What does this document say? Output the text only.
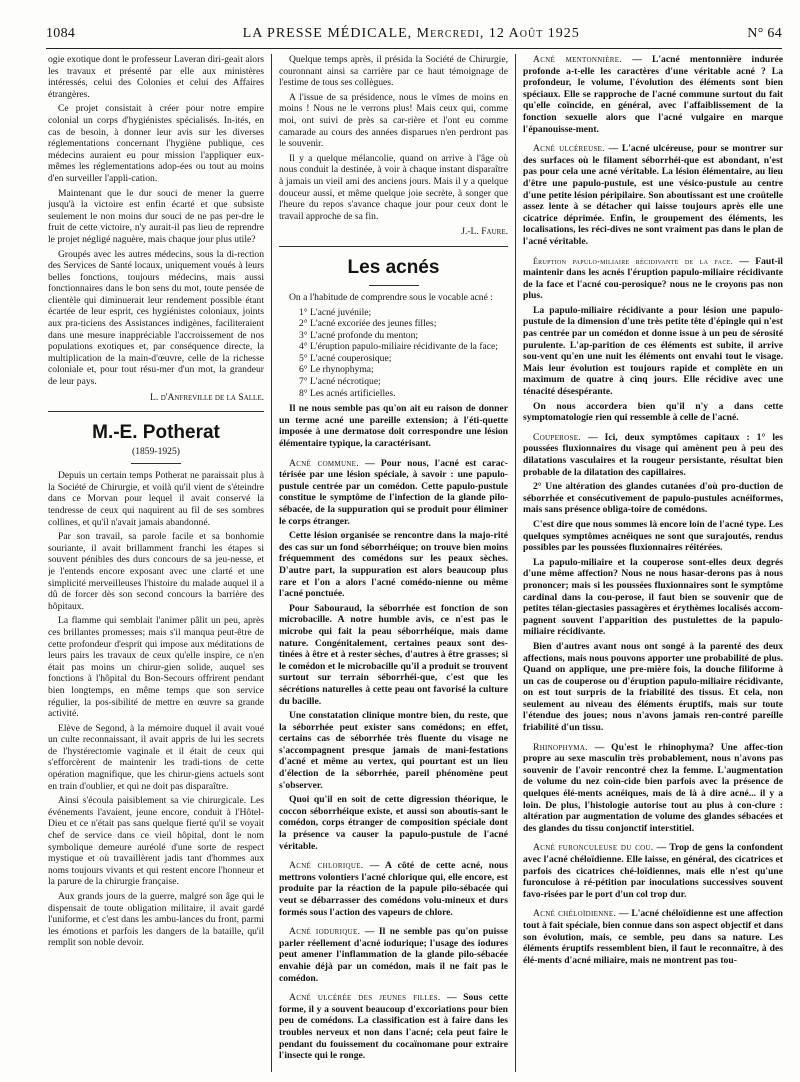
1084	LA PRESSE MÉDICALE, Mercredi, 12 Août 1925	N° 64

ogie exotique dont le professeur Laveran diri-geait alors les travaux et présenté par elle aux ministères intéressés, celui des Colonies et celui des Affaires étrangères.

Ce projet consistait à créer pour notre empire colonial un corps d'hygiénistes spécialisés. In-ités, en cas de besoin, à donner leur avis sur les diverses réglementations concernant l'hygiène publique, ces médecins auraient eu pour mission l'appliquer eux-mêmes les réglementations adop-ées ou tout au moins d'en surveiller l'appli-cation.

Maintenant que le dur souci de mener la guerre jusqu'à la victoire est enfin écarté et que subsiste seulement le non moins dur souci de ne pas per-dre le fruit de cette victoire, n'y aurait-il pas lieu de reprendre le projet négligé naguère, mais chaque jour plus utile?

Groupés avec les autres médecins, sous la di-rection des Services de Santé locaux, uniquement voués à leurs belles fonctions, toujours médecins, mais aussi fonctionnaires dans le bon sens du mot, toute pensée de clientèle qui diminuerait leur rendement possible étant écartée de leur esprit, ces hygiénistes coloniaux, joints aux pra-ticiens des Assistances indigènes, faciliteraient dans une mesure inappréciable l'accroissement de nos populations exotiques et, par conséquence directe, la multiplication de la main-d'œuvre, celle de la richesse coloniale et, pour tout résu-mer d'un mot, la grandeur de leur pays.

L. d'Anfreville de la Salle.

M.-E. Potherat
(1859-1925)

Depuis un certain temps Potherat ne paraissait plus à la Société de Chirurgie, et voilà qu'il vient de s'éteindre dans ce Morvan pour lequel il avait conservé la tendresse de ceux qui naquirent au fil de ses sombres collines, et qu'il n'avait jamais abandonné.

Par son travail, sa parole facile et sa bonhomie souriante, il avait brillamment franchi les étapes si souvent pénibles des durs concours de sa jeu-nesse, et je l'entends encore exposant avec une clarté et une simplicité merveilleuses l'histoire du malade auquel il a dû de forcer dès son second concours la barrière des hôpitaux.

La flamme qui semblait l'animer pâlit un peu, après ces brillantes promesses; mais s'il manqua peut-être de cette profondeur d'esprit qui impose aux méditations de leurs pairs les travaux de ceux qu'elle inspire, ce n'en était pas moins un chirur-gien solide, auquel ses fonctions à l'hôpital du Bon-Secours offrirent pendant bien longtemps, en même temps que son service régulier, la pos-sibilité de mettre en œuvre sa grande activité.

Elève de Segond, à la mémoire duquel il avait voué un culte reconnaissant, il avait appris de lui les secrets de l'hystérectomie vaginale et il était de ceux qui s'efforcèrent de maintenir les tradi-tions de cette opération magnifique, que les chirur-giens actuels sont en train d'oublier, et qui ne doit pas disparaître.

Ainsi s'écoula paisiblement sa vie chirurgicale. Les événements l'avaient, jeune encore, conduit à l'Hôtel-Dieu et ce n'était pas sans quelque fierté qu'il se voyait chef de service dans ce vieil hôpital, dont le nom symbolique demeure auréolé d'une sorte de respect mystique et où travaillèrent jadis tant d'hommes aux noms toujours vivants et qui restent encore l'honneur et la parure de la chirurgie française.

Aux grands jours de la guerre, malgré son âge qui le dispensait de toute obligation militaire, il avait gardé l'uniforme, et c'est dans les ambu-lances du front, parmi les émotions et parfois les dangers de la bataille, qu'il remplit son noble devoir.

Quelque temps après, il présida la Société de Chirurgie, couronnant ainsi sa carrière par ce haut témoignage de l'estime de tous ses collègues.

A l'issue de sa présidence, nous le vîmes de moins en moins ! Nous ne le verrons plus! Mais ceux qui, comme moi, ont suivi de près sa car-rière et l'ont eu comme camarade au cours des années disparues n'en perdront pas le souvenir.

Il y a quelque mélancolie, quand on arrive à l'âge où nous conduit la destinée, à voir à chaque instant disparaître à jamais un vieil ami des anciens jours. Mais il y a quelque douceur aussi, et même quelque joie secrète, à songer que l'heure du repos s'avance chaque jour pour ceux dont le travail approche de sa fin.

J.-L. Faure.

Les acnés

On a l'habitude de comprendre sous le vocable acné :

1° L'acné juvénile;
2° L'acné excoriée des jeunes filles;
3° L'acné profonde du menton;
4° L'éruption papulo-miliaire récidivante de la face;
5° L'acné couperosique;
6° Le rhynophyma;
7° L'acné nécrotique;
8° Les acnés artificielles.

Il ne nous semble pas qu'on ait eu raison de donner un terme acné une pareille extension; à l'éti-quette imposée à une dermatose doit correspondre une lésion élémentaire typique, la caractérisant.

Acné commune. — Pour nous, l'acné est carac-térisée par une lésion spéciale, à savoir : une papulo-pustule centrée par un comédon. Cette papulo-pustule constitue le symptôme de l'infection de la glande pilo-sébacée, de la suppuration qui se produit pour éliminer le corps étranger.

Cette lésion organisée se rencontre dans la majo-rité des cas sur un fond séborrhéique; on trouve bien moins fréquemment des comédons sur les peaux sèches. D'autre part, la suppuration est alors beaucoup plus rare et l'on a alors l'acné comédo-nienne ou même l'acné ponctuée.

Pour Sabouraud, la séborrhée est fonction de son microbacille. A notre humble avis, ce n'est pas le microbe qui fait la peau séborrhéique, mais dame nature. Congénitalement, certaines peaux sont des-tinées à être et à rester sèches, d'autres à être grasses; si le comédon et le microbacille qu'il a produit se trouvent surtout sur terrain séborrhéi-que, c'est que les sécrétions naturelles à cette peau ont favorisé la culture du bacille.

Une constatation clinique montre bien, du reste, que la séborrhée peut exister sans comédons; en effet, certains cas de séborrhée très fluente du visage ne s'accompagnent presque jamais de mani-festations d'acné et même au vertex, qui pourtant est un lieu d'élection de la séborrhée, pareil phénomène peut s'observer.

Quoi qu'il en soit de cette digression théorique, le coccon séborrhéique existe, et aussi son aboutis-sant le comédon, corps étranger de composition spéciale dont la présence va causer la papulo-pustule de l'acné véritable.

Acné chlorique. — A côté de cette acné, nous mettrons volontiers l'acné chlorique qui, elle encore, est produite par la réaction de la papule pilo-sébacée qui veut se débarrasser des comédons volu-mineux et durs formés sous l'action des vapeurs de chlore.

Acné iodurique. — Il ne semble pas qu'on puisse parler réellement d'acné iodurique; l'usage des iodures peut amener l'inflammation de la glande pilo-sébacée envahie déjà par un comédon, mais il ne fait pas le comédon.

Acné ulcérée des jeunes filles. — Sous cette forme, il y a souvent beaucoup d'excoriations pour bien peu de comédons. La classification est à faire dans les troubles nerveux et non dans l'acné; cela peut faire le pendant du fouissement du cocaïnomane pour extraire l'insecte qui le ronge.

Acné mentonnière. — L'acné mentonnière indurée profonde a-t-elle les caractères d'une véritable acné ? La profondeur, le volume, l'évolution des éléments sont bien spéciaux. Elle se rapproche de l'acné commune surtout du fait qu'elle coïncide, en général, avec l'affaiblissement de la fonction sexuelle alors que l'acné vulgaire en marque l'épanouisse-ment.

Acné ulcéreuse. — L'acné ulcéreuse, pour se montrer sur des surfaces où le filament séborrhéi-que est abondant, n'est pas pour cela une acné véritable. La lésion élémentaire, au lieu d'être une papulo-pustule, est une vésico-pustule au centre d'une petite lésion péripilaire. Son aboutissant est une croûtelle assez lente à se détacher qui laisse toujours après elle une cicatrice déprimée. Enfin, le groupement des éléments, les localisations, les réci-dives ne sont vraiment pas dans le plan de l'acné véritable.

Éruption papulo-miliaire récidivante de la face. — Faut-il maintenir dans les acnés l'éruption papulo-miliaire récidivante de la face et l'acné cou-perosique? nous ne le croyons pas non plus.

La papulo-miliaire récidivante a pour lésion une papulo-pustule de la dimension d'une très petite tête d'épingle qui n'est pas centrée par un comédon et donne issue à un peu de sérosité purulente. L'ap-parition de ces éléments est subite, il arrive sou-vent qu'en une nuit les éléments ont envahi tout le visage. Mais leur évolution est toujours rapide et complète en un maximum de quatre à cinq jours. Elle récidive avec une ténacité désespérante.

On nous accordera bien qu'il n'y a dans cette symptomatologie rien qui ressemble à celle de l'acné.

Couperose. — Ici, deux symptômes capitaux : 1° les poussées fluxionnaires du visage qui amènent peu à peu des dilatations vasculaires et la rougeur persistante, résultat bien probable de la dilatation des capillaires.

2° Une altération des glandes cutanées d'où pro-duction de séborrhée et consécutivement de papulo-pustules acnéiformes, mais sans présence obliga-toire de comédons.

C'est dire que nous sommes là encore loin de l'acné type. Les quelques symptômes acnéiques ne sont que surajoutés, rendus possibles par les poussées fluxionnaires réitérées.

La papulo-miliaire et la couperose sont-elles deux degrés d'une même affection? Nous ne nous hasar-derons pas à nous prononcer; mais si les poussées fluxionnaires sont le symptôme cardinal dans la cou-perose, il faut bien se souvenir que de petites télan-giectasies passagères et érythèmes localisés accom-pagnent souvent l'apparition des pustulettes de la papulo-miliaire récidivante.

Bien d'autres avant nous ont songé à la parenté des deux affections, mais nous pouvons apporter une probabilité de plus. Quand on applique, une pre-mière fois, la douche filiforme à un cas de couperose ou d'éruption papulo-miliaire récidivante, on est tout surpris de la friabilité des tissus. Et cela, non seulement au niveau des éléments éruptifs, mais sur toute l'étendue des joues; nous n'avons jamais ren-contré pareille friabilité d'un tissu.

Rhinophyma. — Qu'est le rhinophyma? Une affec-tion propre au sexe masculin très probablement, nous n'avons pas souvenir de l'avoir rencontré chez la femme. L'augmentation de volume du nez coïn-cide bien parfois avec la présence de quelques élé-ments acnéiques, mais de là à dire acné... il y a loin. De plus, l'histologie autorise tout au plus à con-clure : altération par augmentation de volume des glandes sébacées et des glandes du tissu conjonctif interstitiel.

Acné furonculeuse du cou. — Trop de gens la confondent avec l'acné chéloïdienne. Elle laisse, en général, des cicatrices et parfois des cicatrices ché-loïdiennes, mais elle n'est qu'une furonculose à ré-pétition par inoculations successives souvent favo-risées par le port d'un col trop dur.

Acné chéloïdienne. — L'acné chéloïdienne est une affection tout à fait spéciale, bien connue dans son aspect objectif et dans son évolution, mais, ce semble, peu dans sa nature. Les éléments éruptifs ressemblent bien, il faut le reconnaître, à des élé-ments d'acné miliaire, mais ne montrent pas tou-
